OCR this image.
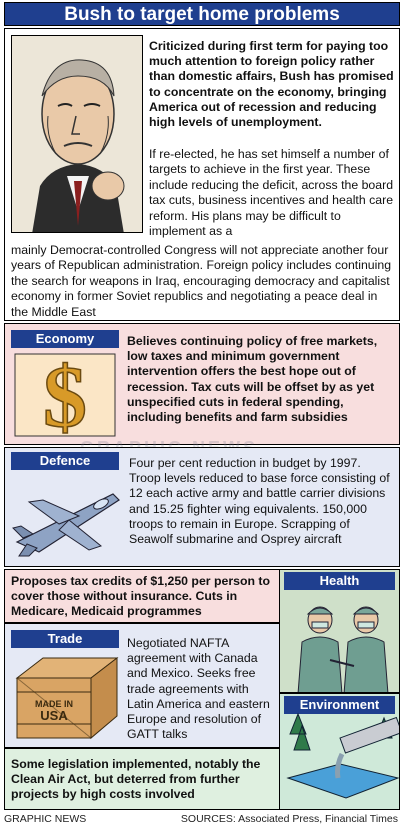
Bush to target home problems
Criticized during first term for paying too much attention to foreign policy rather than domestic affairs, Bush has promised to concentrate on the economy, bringing America out of recession and reducing high levels of unemployment.
If re-elected, he has set himself a number of targets to achieve in the first year. These include reducing the deficit, across the board tax cuts, business incentives and health care reform. His plans may be difficult to implement as a
mainly Democrat-controlled Congress will not appreciate another four years of Republican administration. Foreign policy includes continuing the search for weapons in Iraq, encouraging democracy and capitalist economy in former Soviet republics and negotiating a peace deal in the Middle East
Economy
$
Believes continuing policy of free markets, low taxes and minimum government intervention offers the best hope out of recession. Tax cuts will be offset by as yet unspecified cuts in federal spending, including benefits and farm subsidies
Defence	Four per cent reduction in budget by 1997. Troop levels reduced to base force consisting of 12 each active army and battle carrier divisions and 15.25 fighter wing equivalents. 150,000 troops to remain in Europe. Scrapping of Seawolf submarine and Osprey aircraft
Proposes tax credits of $1,250 per person to cover those without insurance. Cuts in Medicare, Medicaid programmes
Health
Trade
MADE IN
USA
Negotiated NAFTA agreement with Canada and Mexico. Seeks free trade agreements with Latin America and eastern Europe and resolution of GATT talks
Environment
Some legislation implemented, notably the Clean Air Act, but deterred from further projects by high costs involved
GRAPHIC NEWS	SOURCES: Associated Press, Financial Times
